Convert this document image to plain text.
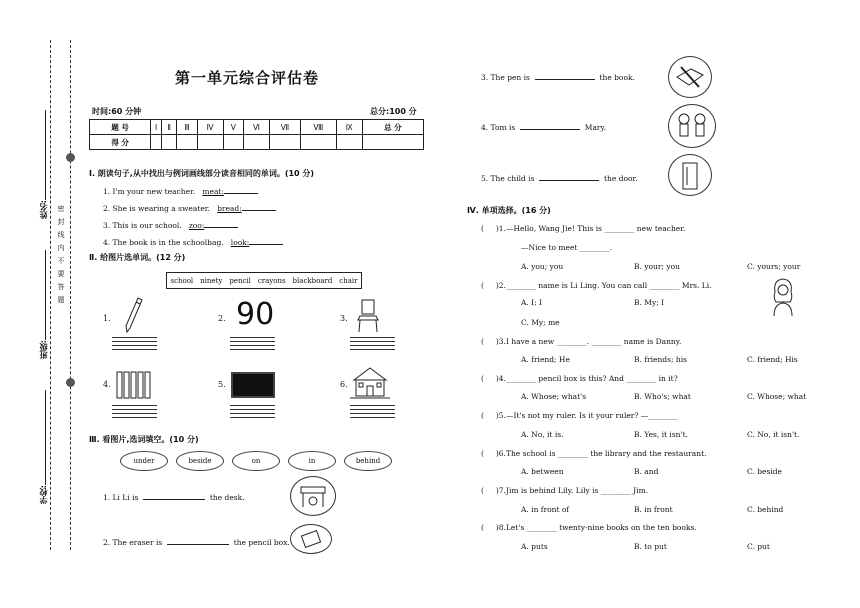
姓名:
班级:
学校:
密封线内不要答题
第一单元综合评估卷
时间:60 分钟	总分:100 分
题 号	Ⅰ	Ⅱ	Ⅲ	Ⅳ	Ⅴ	Ⅵ	Ⅶ	Ⅷ	Ⅸ	总 分
得 分										
Ⅰ. 朗读句子,从中找出与例词画线部分读音相同的单词。(10 分)
1. I'm your new teacher. meat:
2. She is wearing a sweater. bread:
3. This is our school. zoo:
4. The book is in the schoolbag. look:
Ⅱ. 给图片选单词。(12 分)
school ninety pencil crayons blackboard chair
1.	2. 90	3.
4.	5.	6.
Ⅲ. 看图片,选词填空。(10 分)
under	beside	on	in	behind
1. Li Li is	the desk.
2. The eraser is	the pencil box.
3. The pen is	the book.
4. Tom is	Mary.
5. The child is	the door.
Ⅳ. 单项选择。(16 分)
( )1.—Hello, Wang Jie! This is ________ new teacher.
—Nice to meet ________.
A. you; you	B. your; you	C. yours; your
( )2.________ name is Li Ling. You can call ________ Mrs. Li.
A. I; I	B. My; I
C. My; me
( )3.I have a new ________. ________ name is Danny.
A. friend; He	B. friends; his	C. friend; His
( )4.________ pencil box is this? And ________ in it?
A. Whose; what's	B. Who's; what	C. Whose; what
( )5.—It's not my ruler. Is it your ruler? —________
A. No, it is.	B. Yes, it isn't.	C. No, it isn't.
( )6.The school is ________ the library and the restaurant.
A. between	B. and	C. beside
( )7.Jim is behind Lily. Lily is ________ Jim.
A. in front of	B. in front	C. behind
( )8.Let's ________ twenty-nine books on the ten books.
A. puts	B. to put	C. put
